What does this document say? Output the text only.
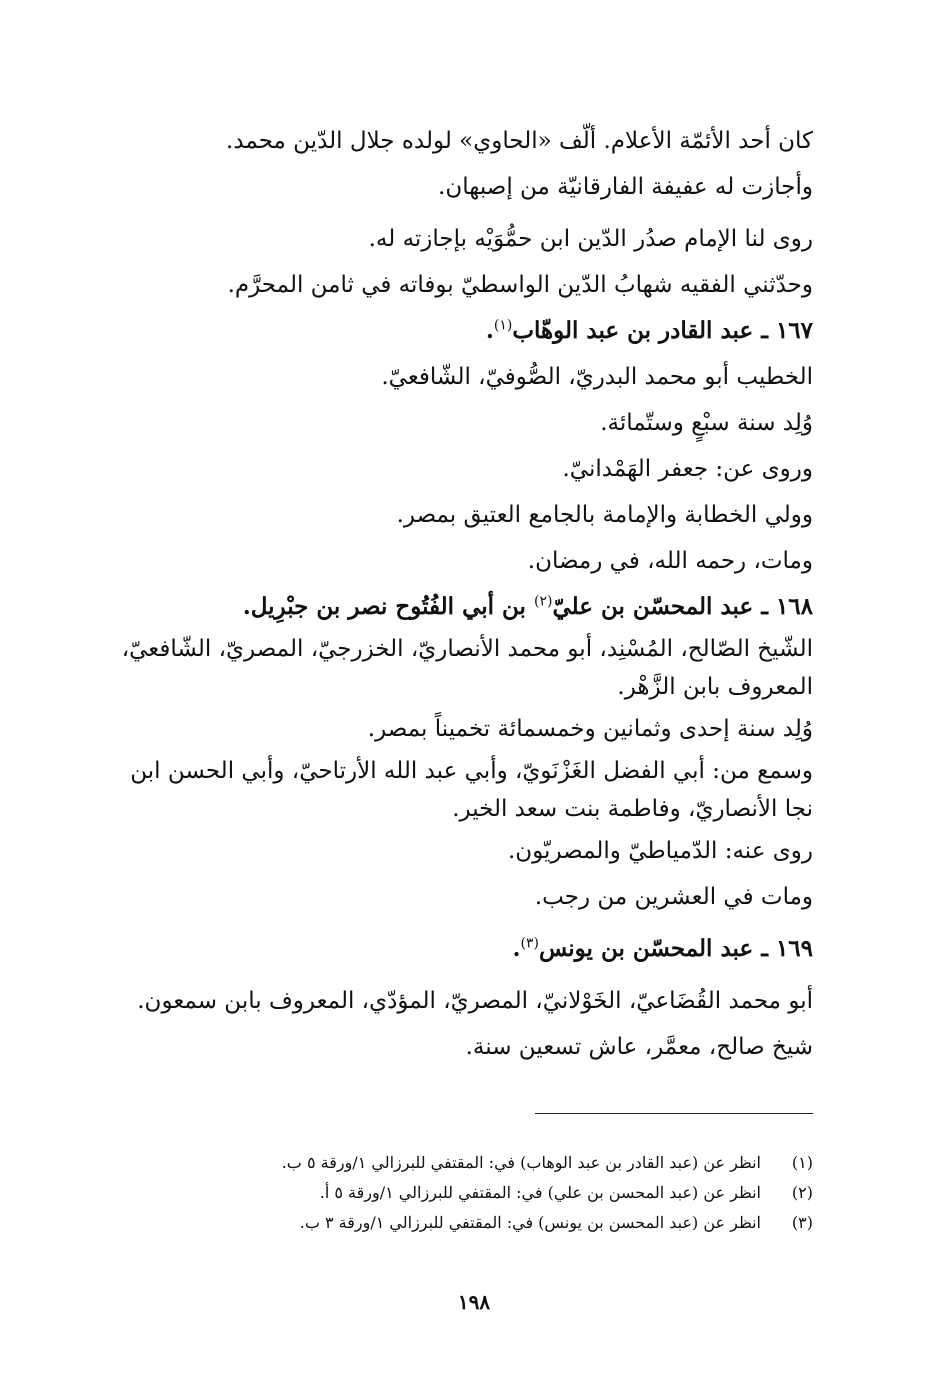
كان أحد الأئمّة الأعلام. ألّف «الحاوي» لولده جلال الدّين محمد.
وأجازت له عفيفة الفارقانيّة من إصبهان.
روى لنا الإمام صدُر الدّين ابن حمُّوَيْه بإجازته له.
وحدّثني الفقيه شهابُ الدّين الواسطيّ بوفاته في ثامن المحرَّم.
١٦٧ ـ عبد القادر بن عبد الوهّاب$^{(١)}$.
الخطيب أبو محمد البدريّ، الصُّوفيّ، الشّافعيّ.
وُلِد سنة سبْعٍ وستّمائة.
وروى عن: جعفر الهَمْدانيّ.
وولي الخطابة والإمامة بالجامع العتيق بمصر.
ومات، رحمه الله، في رمضان.
١٦٨ ـ عبد المحسّن بن عليّ$^{(٢)}$ بن أبي الفُتُوح نصر بن جبْرِيل.
الشّيخ الصّالح، المُسْنِد، أبو محمد الأنصاريّ، الخزرجيّ، المصريّ، الشّافعيّ، المعروف بابن الزَّهْر.
وُلِد سنة إحدى وثمانين وخمسمائة تخميناً بمصر.
وسمع من: أبي الفضل الغَزْنَويّ، وأبي عبد الله الأرتاحيّ، وأبي الحسن ابن نجا الأنصاريّ، وفاطمة بنت سعد الخير.
روى عنه: الدّمياطيّ والمصريّون.
ومات في العشرين من رجب.
١٦٩ ـ عبد المحسّن بن يونس$^{(٣)}$.
أبو محمد القُضَاعيّ، الخَوْلانيّ، المصريّ، المؤدّي، المعروف بابن سمعون.
شيخ صالح، معمَّر، عاش تسعين سنة.
(١)انظر عن (عبد القادر بن عبد الوهاب) في: المقتفي للبرزالي ١/ورقة ٥ ب.
(٢)انظر عن (عبد المحسن بن علي) في: المقتفي للبرزالي ١/ورقة ٥ أ.
(٣)انظر عن (عبد المحسن بن يونس) في: المقتفي للبرزالي ١/ورقة ٣ ب.
١٩٨
